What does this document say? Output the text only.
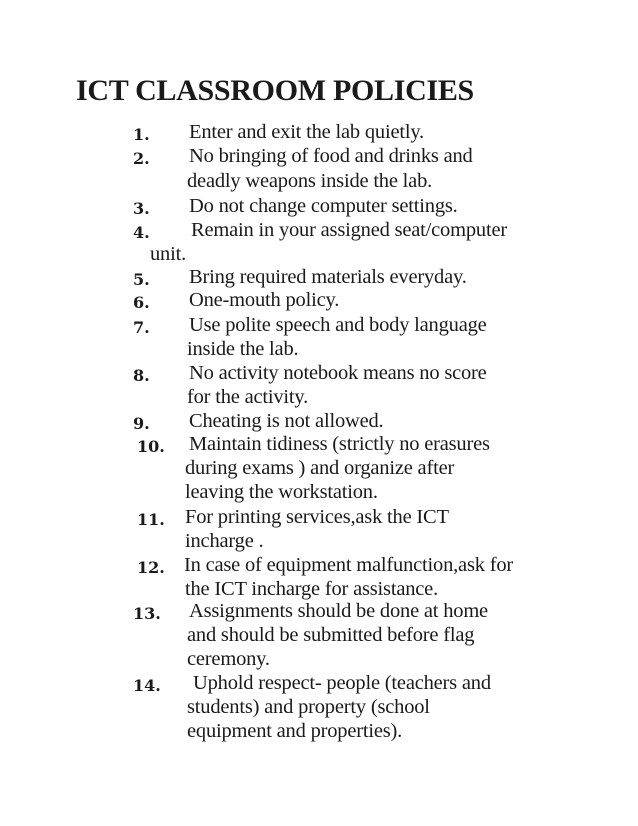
ICT CLASSROOM POLICIES
1. Enter and exit the lab quietly.
2. No bringing of food and drinks and
deadly weapons inside the lab.
3. Do not change computer settings.
4. Remain in your assigned seat/computer
unit.
5. Bring required materials everyday.
6. One-mouth policy.
7. Use polite speech and body language
inside the lab.
8. No activity notebook means no score
for the activity.
9. Cheating is not allowed.
10. Maintain tidiness (strictly no erasures
during exams ) and organize after
leaving the workstation.
11. For printing services,ask the ICT
incharge .
12. In case of equipment malfunction,ask for
the ICT incharge for assistance.
13. Assignments should be done at home
and should be submitted before flag
ceremony.
14. Uphold respect- people (teachers and
students) and property (school
equipment and properties).
